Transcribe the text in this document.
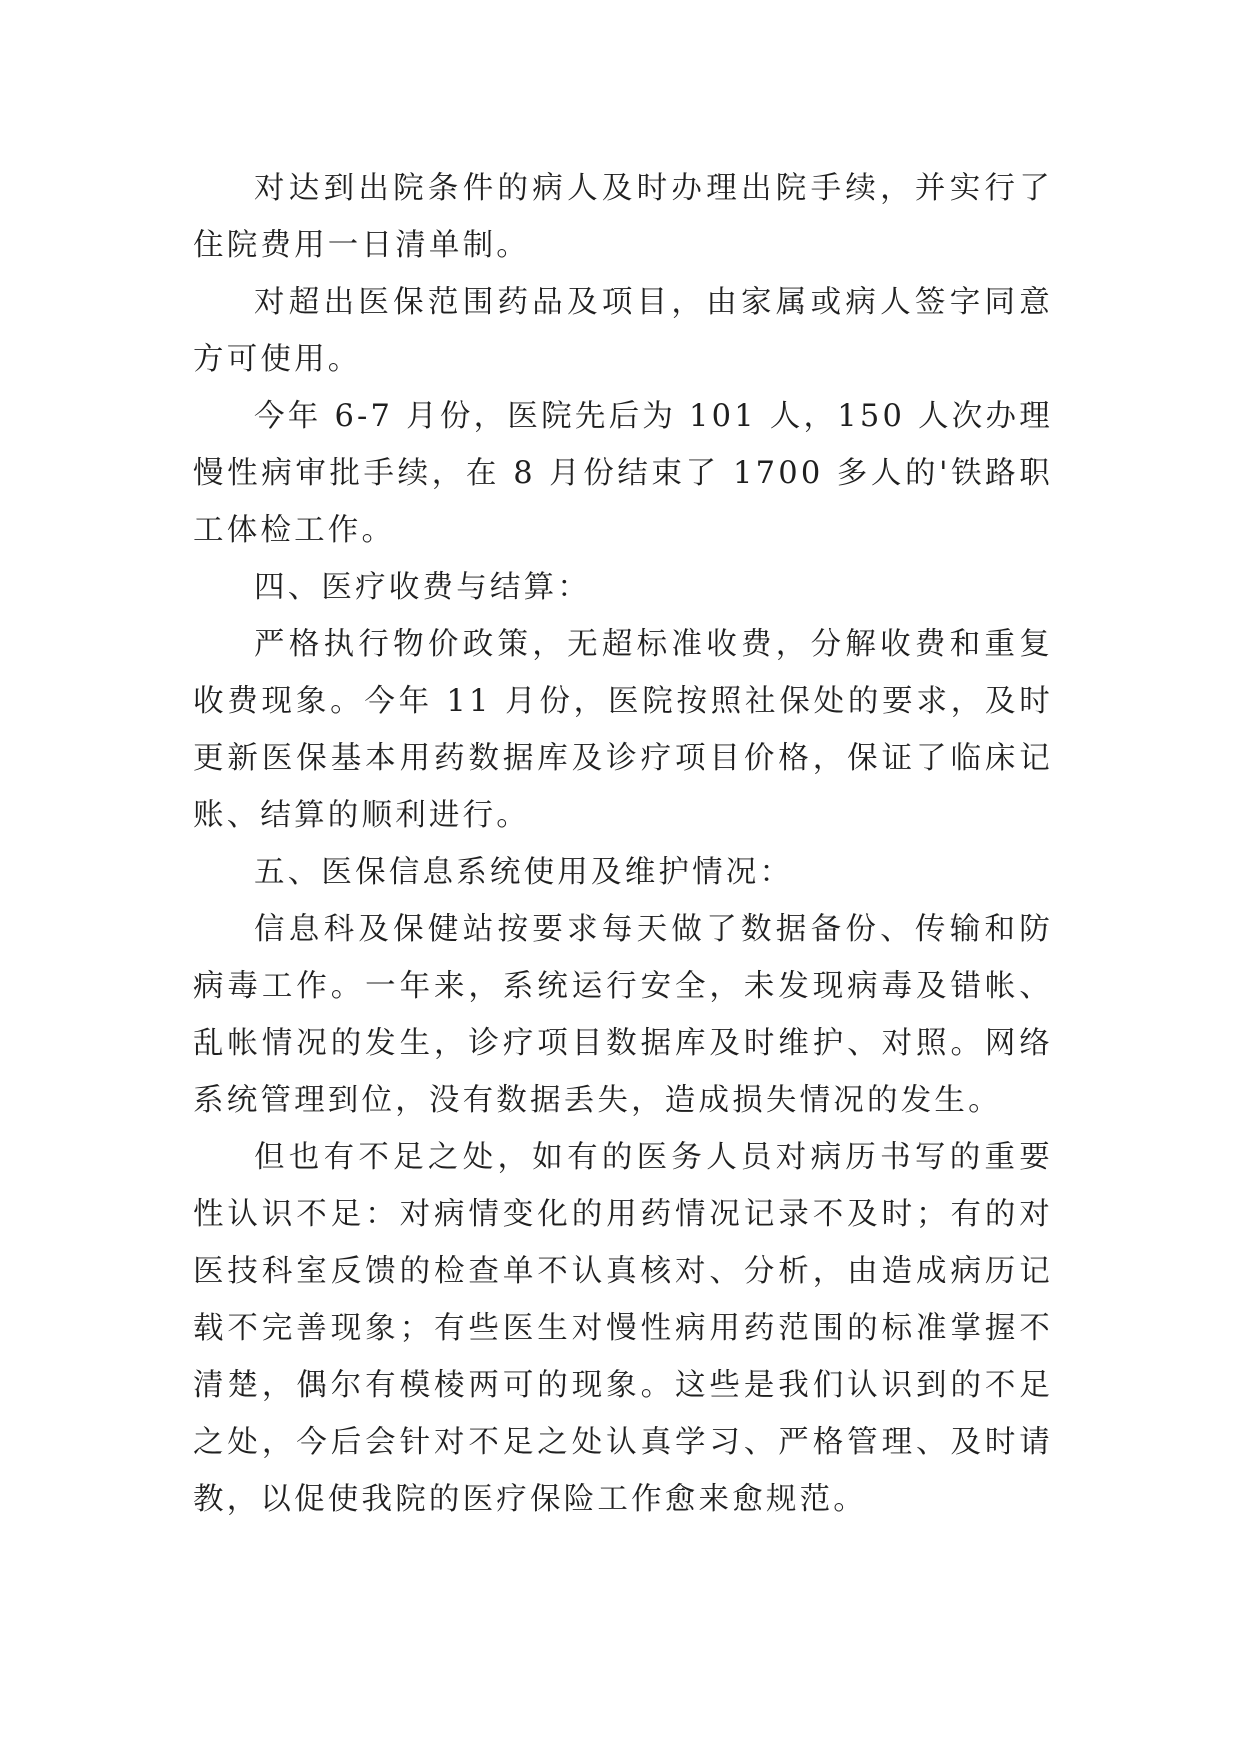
对达到出院条件的病人及时办理出院手续，并实行了住院费用一日清单制。

对超出医保范围药品及项目，由家属或病人签字同意方可使用。

今年 6-7 月份，医院先后为 101 人，150 人次办理慢性病审批手续，在 8 月份结束了 1700 多人的'铁路职工体检工作。

四、医疗收费与结算：

严格执行物价政策，无超标准收费，分解收费和重复收费现象。今年 11 月份，医院按照社保处的要求，及时更新医保基本用药数据库及诊疗项目价格，保证了临床记账、结算的顺利进行。

五、医保信息系统使用及维护情况：

信息科及保健站按要求每天做了数据备份、传输和防病毒工作。一年来，系统运行安全，未发现病毒及错帐、乱帐情况的发生，诊疗项目数据库及时维护、对照。网络系统管理到位，没有数据丢失，造成损失情况的发生。

但也有不足之处，如有的医务人员对病历书写的重要性认识不足：对病情变化的用药情况记录不及时；有的对医技科室反馈的检查单不认真核对、分析，由造成病历记载不完善现象；有些医生对慢性病用药范围的标准掌握不清楚，偶尔有模棱两可的现象。这些是我们认识到的不足之处，今后会针对不足之处认真学习、严格管理、及时请教，以促使我院的医疗保险工作愈来愈规范。
